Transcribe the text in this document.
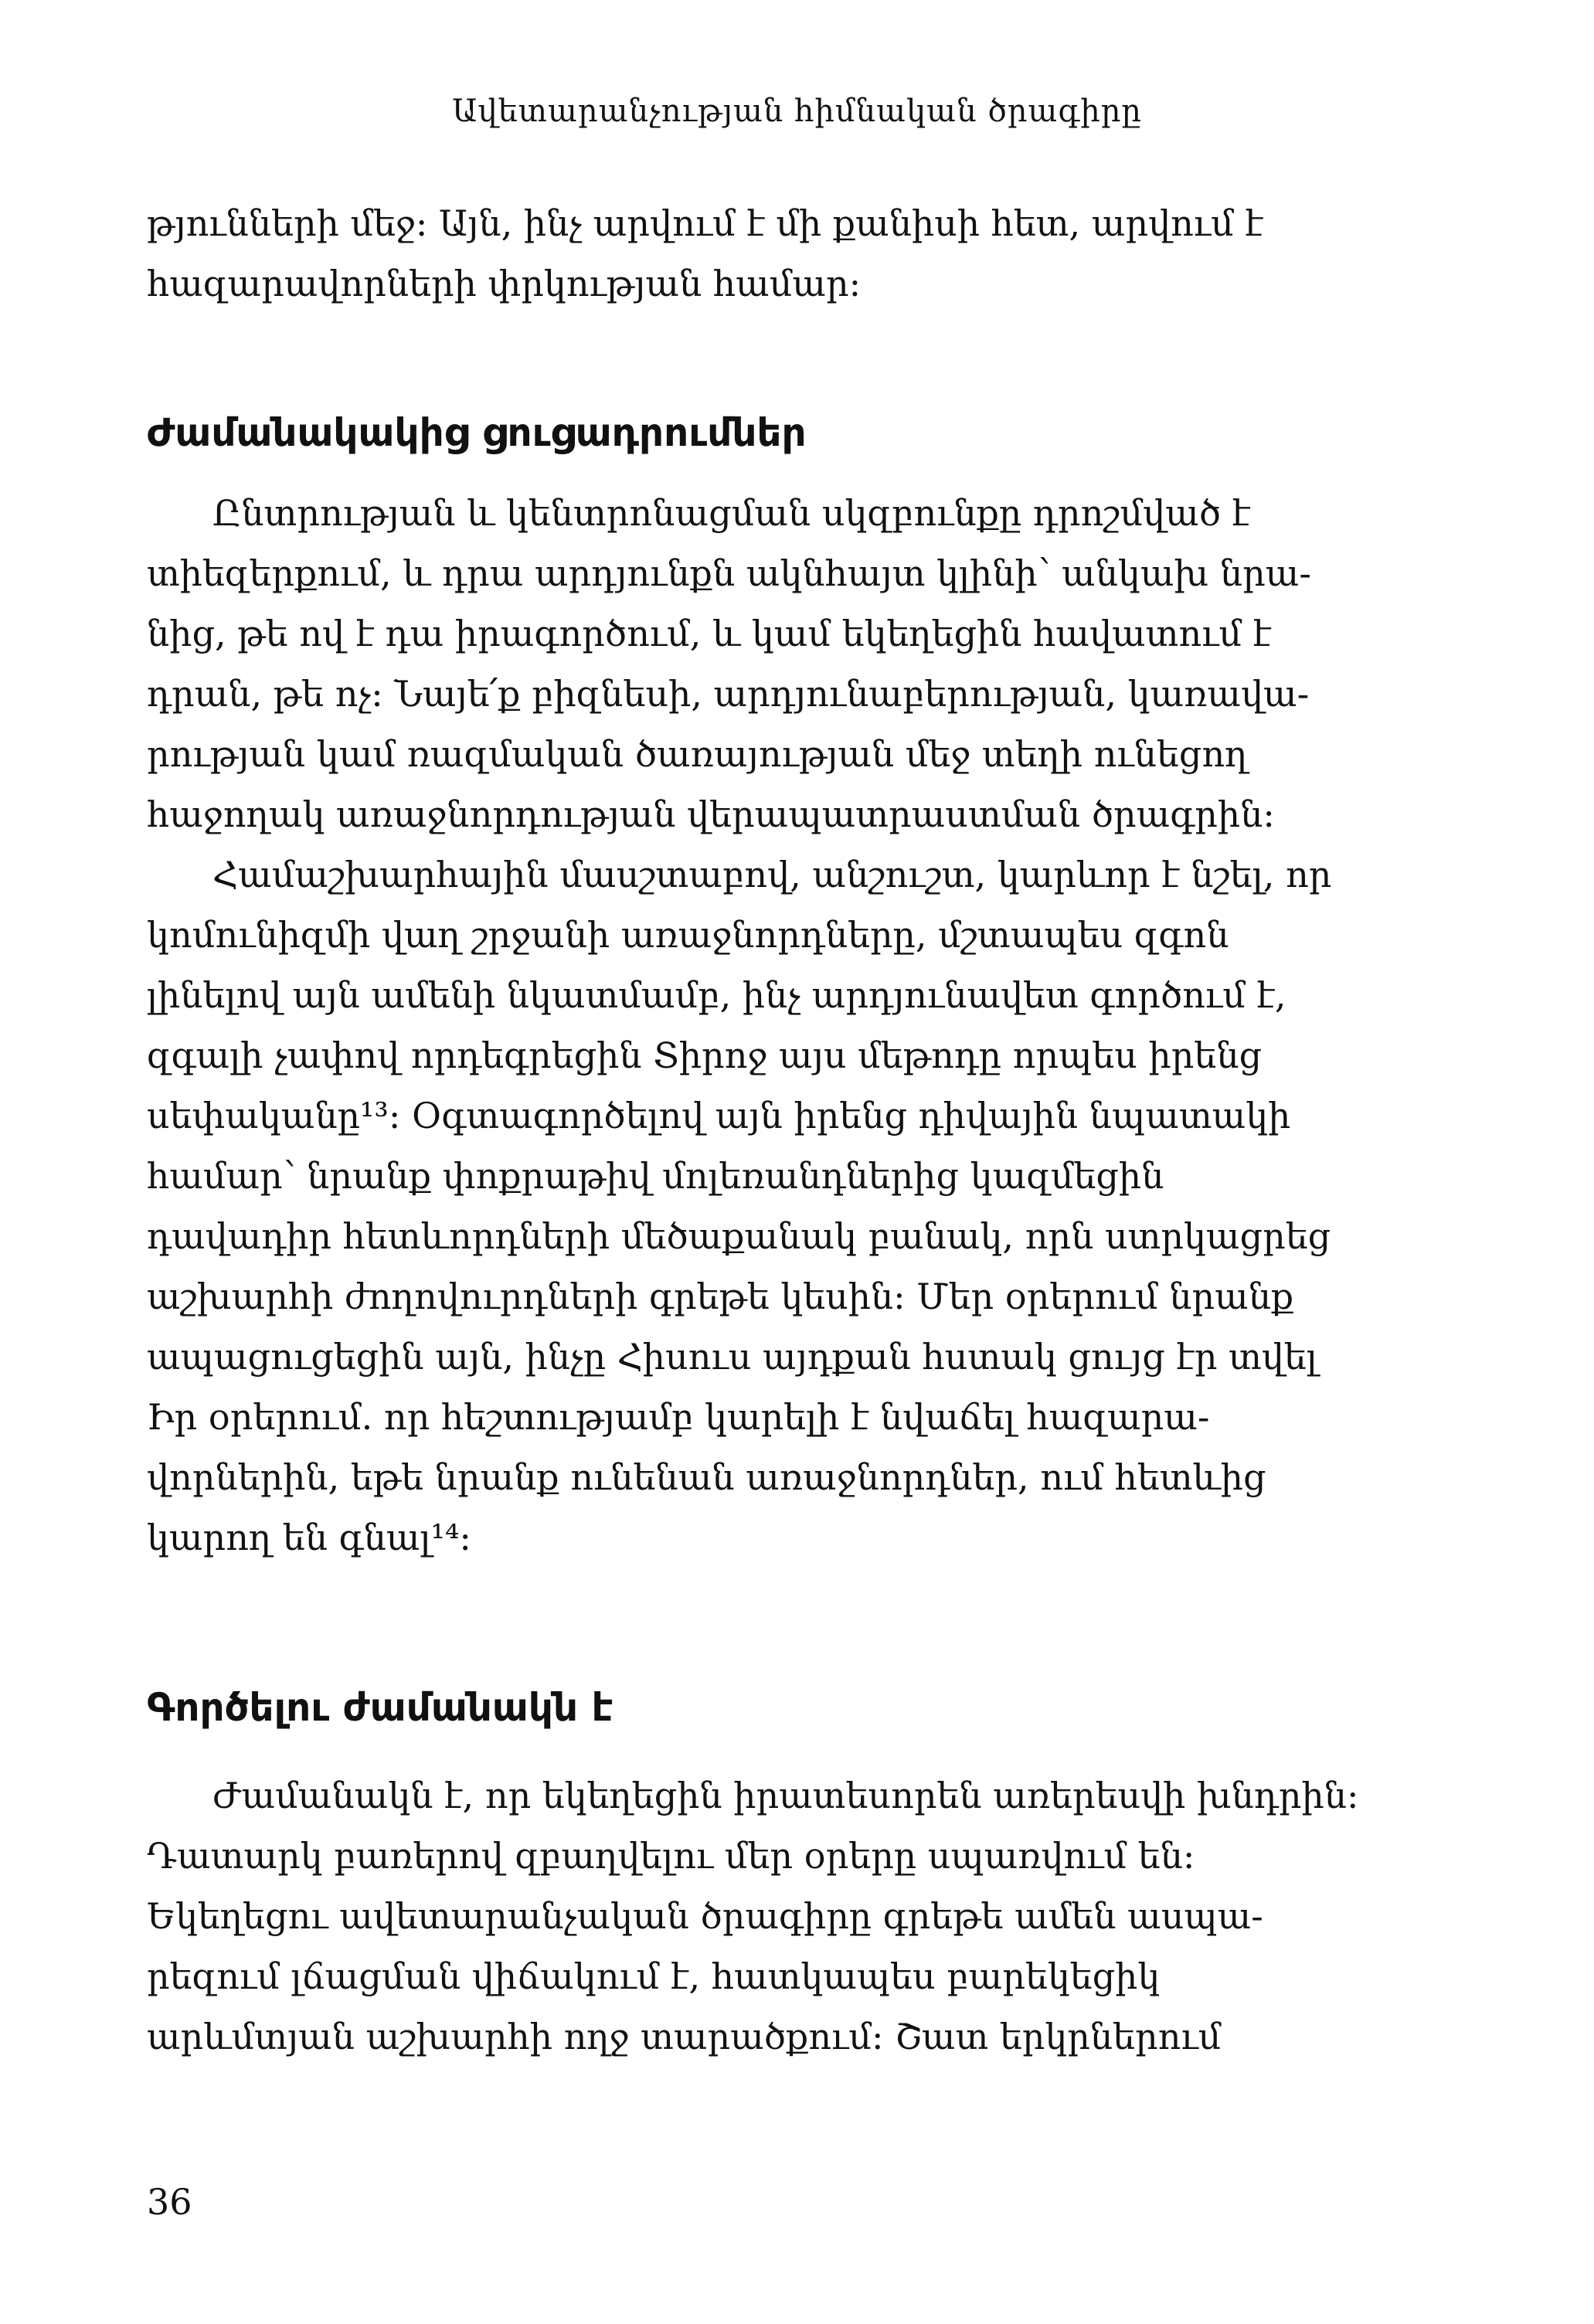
Ավետարանչության հիմնական ծրագիրը
թյունների մեջ: Այն, ինչ արվում է մի քանիսի հետ, արվում է
հազարավորների փրկության համար:
Ժամանակակից ցուցադրումներ
Ընտրության և կենտրոնացման սկզբունքը դրոշմված է
տիեզերքում, և դրա արդյունքն ակնհայտ կլինի՝ անկախ նրա-
նից, թե ով է դա իրագործում, և կամ եկեղեցին հավատում է
դրան, թե ոչ: Նայե՛ք բիզնեսի, արդյունաբերության, կառավա-
րության կամ ռազմական ծառայության մեջ տեղի ունեցող
հաջողակ առաջնորդության վերապատրաստման ծրագրին:
Համաշխարհային մասշտաբով, անշուշտ, կարևոր է նշել, որ
կոմունիզմի վաղ շրջանի առաջնորդները, մշտապես զգոն
լինելով այն ամենի նկատմամբ, ինչ արդյունավետ գործում է,
զգալի չափով որդեգրեցին Տիրոջ այս մեթոդը որպես իրենց
սեփականը¹³: Օգտագործելով այն իրենց դիվային նպատակի
համար՝ նրանք փոքրաթիվ մոլեռանդներից կազմեցին
դավադիր հետևորդների մեծաքանակ բանակ, որն ստրկացրեց
աշխարհի ժողովուրդների գրեթե կեսին: Մեր օրերում նրանք
ապացուցեցին այն, ինչը Հիսուս այդքան հստակ ցույց էր տվել
Իր օրերում. որ հեշտությամբ կարելի է նվաճել հազարա-
վորներին, եթե նրանք ունենան առաջնորդներ, ում հետևից
կարող են գնալ¹⁴:
Գործելու ժամանակն է
Ժամանակն է, որ եկեղեցին իրատեսորեն առերեսվի խնդրին:
Դատարկ բառերով զբաղվելու մեր օրերը սպառվում են:
Եկեղեցու ավետարանչական ծրագիրը գրեթե ամեն ասպա-
րեզում լճացման վիճակում է, հատկապես բարեկեցիկ
արևմտյան աշխարհի ողջ տարածքում: Շատ երկրներում
36
